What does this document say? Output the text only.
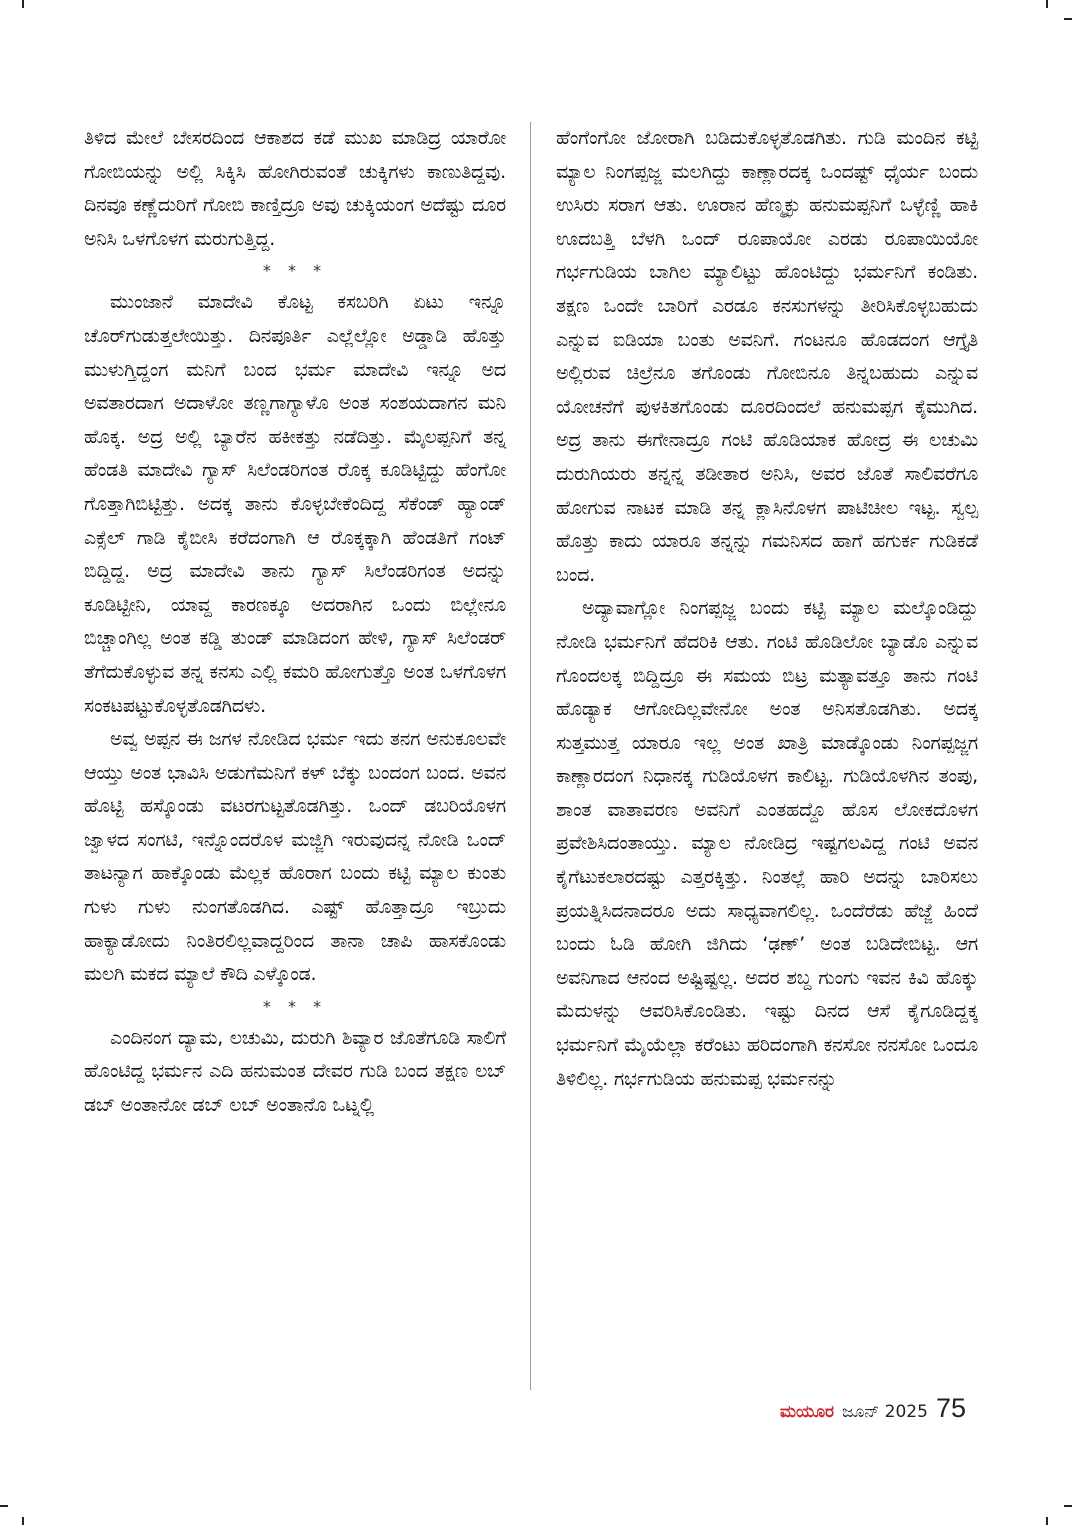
ತಿಳಿದ ಮೇಲೆ ಬೇಸರದಿಂದ ಆಕಾಶದ ಕಡೆ ಮುಖ ಮಾಡಿದ್ರ ಯಾರೋ ಗೋಬಿಯನ್ನು ಅಲ್ಲಿ ಸಿಕ್ಕಿಸಿ ಹೋಗಿರುವಂತೆ ಚುಕ್ಕಿಗಳು ಕಾಣುತಿದ್ದವು. ದಿನವೂ ಕಣ್ಣೆದುರಿಗೆ ಗೋಬಿ ಕಾಣ್ತಿದ್ರೂ ಅವು ಚುಕ್ಕಿಯಂಗ ಅದೆಷ್ಟು ದೂರ ಅನಿಸಿ ಒಳಗೊಳಗ ಮರುಗುತ್ತಿದ್ದ.

* * *

ಮುಂಜಾನೆ ಮಾದೇವಿ ಕೊಟ್ಟ ಕಸಬರಿಗಿ ಏಟು ಇನ್ನೂ ಚೊರ್‌ಗುಡುತ್ತಲೇಯಿತ್ತು. ದಿನಪೂರ್ತಿ ಎಲ್ಲೆಲ್ಲೋ ಅಡ್ಡಾಡಿ ಹೊತ್ತು ಮುಳುಗ್ತಿದ್ದಂಗ ಮನಿಗೆ ಬಂದ ಭರ್ಮ ಮಾದೇವಿ ಇನ್ನೂ ಅದ ಅವತಾರದಾಗ ಅದಾಳೋ ತಣ್ಣಗಾಗ್ಯಾಳೊ ಅಂತ ಸಂಶಯದಾಗನ ಮನಿ ಹೊಕ್ಕ. ಅದ್ರ ಅಲ್ಲಿ ಬ್ಯಾರೆನ ಹಕೀಕತ್ತು ನಡೆದಿತ್ತು. ಮೈಲಪ್ಪನಿಗೆ ತನ್ನ ಹೆಂಡತಿ ಮಾದೇವಿ ಗ್ಯಾಸ್ ಸಿಲೆಂಡರಿಗಂತ ರೊಕ್ಕ ಕೂಡಿಟ್ಟಿದ್ದು ಹೆಂಗೋ ಗೊತ್ತಾಗಿಬಿಟ್ಟಿತ್ತು. ಅದಕ್ಕ ತಾನು ಕೊಳ್ಳಬೇಕೆಂದಿದ್ದ ಸೆಕೆಂಡ್ ಹ್ಯಾಂಡ್ ಎಕ್ಸೆಲ್ ಗಾಡಿ ಕೈಬೀಸಿ ಕರೆದಂಗಾಗಿ ಆ ರೊಕ್ಕಕ್ಕಾಗಿ ಹೆಂಡತಿಗೆ ಗಂಟ್ ಬಿದ್ದಿದ್ದ. ಅದ್ರ ಮಾದೇವಿ ತಾನು ಗ್ಯಾಸ್ ಸಿಲೆಂಡರಿಗಂತ ಅದನ್ನು ಕೂಡಿಟ್ಟೀನಿ, ಯಾವ್ದ ಕಾರಣಕ್ಕೂ ಅದರಾಗಿನ ಒಂದು ಬಿಲ್ಲೇನೂ ಬಿಚ್ಚಾಂಗಿಲ್ಲ ಅಂತ ಕಡ್ಡಿ ತುಂಡ್ ಮಾಡಿದಂಗ ಹೇಳಿ, ಗ್ಯಾಸ್ ಸಿಲೆಂಡರ್ ತೆಗೆದುಕೊಳ್ಳುವ ತನ್ನ ಕನಸು ಎಲ್ಲಿ ಕಮರಿ ಹೋಗುತ್ತೊ ಅಂತ ಒಳಗೊಳಗ ಸಂಕಟಪಟ್ಟುಕೊಳ್ಳತೊಡಗಿದಳು.

ಅವ್ವ ಅಪ್ಪನ ಈ ಜಗಳ ನೋಡಿದ ಭರ್ಮ ಇದು ತನಗ ಅನುಕೂಲವೇ ಆಯ್ತು ಅಂತ ಭಾವಿಸಿ ಅಡುಗೆಮನಿಗೆ ಕಳ್ ಬೆಕ್ಕು ಬಂದಂಗ ಬಂದ. ಅವನ ಹೊಟ್ಟಿ ಹಸ್ಕೊಂಡು ವಟರಗುಟ್ಟತೊಡಗಿತ್ತು. ಒಂದ್ ಡಬರಿಯೊಳಗ ಜ್ವಾಳದ ಸಂಗಟಿ, ಇನ್ನೊಂದರೊಳ ಮಜ್ಜಿಗಿ ಇರುವುದನ್ನ ನೋಡಿ ಒಂದ್ ತಾಟನ್ಯಾಗ ಹಾಕ್ಕೊಂಡು ಮೆಲ್ಲಕ ಹೊರಾಗ ಬಂದು ಕಟ್ಟಿ ಮ್ಯಾಲ ಕುಂತು ಗುಳು ಗುಳು ನುಂಗತೊಡಗಿದ. ಎಷ್ಟ್ ಹೊತ್ತಾದ್ರೂ ಇಬ್ರುದು ಹಾಕ್ಯಾಡೋದು ನಿಂತಿರಲಿಲ್ಲವಾದ್ದರಿಂದ ತಾನಾ ಚಾಪಿ ಹಾಸಕೊಂಡು ಮಲಗಿ ಮಕದ ಮ್ಯಾಲೆ ಕೌದಿ ಎಳ್ಕೊಂಡ.

* * *

ಎಂದಿನಂಗ ದ್ಯಾಮ, ಲಚುಮಿ, ದುರುಗಿ ಶಿವ್ಯಾರ ಜೊತೆಗೂಡಿ ಸಾಲಿಗೆ ಹೊಂಟಿದ್ದ ಭರ್ಮನ ಎದಿ ಹನುಮಂತ ದೇವರ ಗುಡಿ ಬಂದ ತಕ್ಷಣ ಲಬ್ ಡಬ್ ಅಂತಾನೋ ಡಬ್ ಲಬ್ ಅಂತಾನೊ ಒಟ್ನಲ್ಲಿ

ಹೆಂಗೆಂಗೋ ಜೋರಾಗಿ ಬಡಿದುಕೊಳ್ಳತೊಡಗಿತು. ಗುಡಿ ಮಂದಿನ ಕಟ್ಟಿ ಮ್ಯಾಲ ನಿಂಗಪ್ಪಜ್ಜ ಮಲಗಿದ್ದು ಕಾಣ್ಲಾರದಕ್ಕ ಒಂದಷ್ಟ್ ಧೈರ್ಯ ಬಂದು ಉಸಿರು ಸರಾಗ ಆತು. ಊರಾನ ಹೆಣ್ಮಕ್ಳು ಹನುಮಪ್ಪನಿಗೆ ಒಳ್ಳೆಣ್ಣಿ ಹಾಕಿ ಊದಬತ್ತಿ ಬೆಳಗಿ ಒಂದ್ ರೂಪಾಯೋ ಎರಡು ರೂಪಾಯಿಯೋ ಗರ್ಭಗುಡಿಯ ಬಾಗಿಲ ಮ್ಯಾಲಿಟ್ಟು ಹೊಂಟಿದ್ದು ಭರ್ಮನಿಗೆ ಕಂಡಿತು. ತಕ್ಷಣ ಒಂದೇ ಬಾರಿಗೆ ಎರಡೂ ಕನಸುಗಳನ್ನು ತೀರಿಸಿಕೊಳ್ಳಬಹುದು ಎನ್ನುವ ಐಡಿಯಾ ಬಂತು ಅವನಿಗೆ. ಗಂಟನೂ ಹೊಡದಂಗ ಆಗ್ತೈತಿ ಅಲ್ಲಿರುವ ಚಿಲ್ರೆನೂ ತಗೊಂಡು ಗೋಬಿನೂ ತಿನ್ನಬಹುದು ಎನ್ನುವ ಯೋಚನೆಗೆ ಪುಳಕಿತಗೊಂಡು ದೂರದಿಂದಲೆ ಹನುಮಪ್ಪಗ ಕೈಮುಗಿದ. ಅದ್ರ ತಾನು ಈಗೇನಾದ್ರೂ ಗಂಟಿ ಹೊಡಿಯಾಕ ಹೋದ್ರ ಈ ಲಚುಮಿ ದುರುಗಿಯರು ತನ್ನನ್ನ ತಡೀತಾರ ಅನಿಸಿ, ಅವರ ಜೊತೆ ಸಾಲಿವರೆಗೂ ಹೋಗುವ ನಾಟಕ ಮಾಡಿ ತನ್ನ ಕ್ಲಾಸಿನೊಳಗ ಪಾಟಿಚೀಲ ಇಟ್ಟ. ಸ್ವಲ್ಪ ಹೊತ್ತು ಕಾದು ಯಾರೂ ತನ್ನನ್ನು ಗಮನಿಸದ ಹಾಗೆ ಹಗುರ್ಕ ಗುಡಿಕಡೆ ಬಂದ.

ಅದ್ಯಾವಾಗ್ಲೋ ನಿಂಗಪ್ಪಜ್ಜ ಬಂದು ಕಟ್ಟಿ ಮ್ಯಾಲ ಮಲ್ಕೊಂಡಿದ್ದು ನೋಡಿ ಭರ್ಮನಿಗೆ ಹೆದರಿಕಿ ಆತು. ಗಂಟಿ ಹೊಡಿಲೋ ಬ್ಯಾಡೊ ಎನ್ನುವ ಗೊಂದಲಕ್ಕ ಬಿದ್ದಿದ್ರೂ ಈ ಸಮಯ ಬಿಟ್ರ ಮತ್ಯಾವತ್ತೂ ತಾನು ಗಂಟಿ ಹೊಡ್ಯಾಕ ಆಗೋದಿಲ್ಲವೇನೋ ಅಂತ ಅನಿಸತೊಡಗಿತು. ಅದಕ್ಕ ಸುತ್ತಮುತ್ತ ಯಾರೂ ಇಲ್ಲ ಅಂತ ಖಾತ್ರಿ ಮಾಡ್ಕೊಂಡು ನಿಂಗಪ್ಪಜ್ಜಗ ಕಾಣ್ಲಾರದಂಗ ನಿಧಾನಕ್ಕ ಗುಡಿಯೊಳಗ ಕಾಲಿಟ್ಟ. ಗುಡಿಯೊಳಗಿನ ತಂಪು, ಶಾಂತ ವಾತಾವರಣ ಅವನಿಗೆ ಎಂತಹದ್ದೊ ಹೊಸ ಲೋಕದೊಳಗ ಪ್ರವೇಶಿಸಿದಂತಾಯ್ತು. ಮ್ಯಾಲ ನೋಡಿದ್ರ ಇಷ್ಟಗಲವಿದ್ದ ಗಂಟಿ ಅವನ ಕೈಗೆಟುಕಲಾರದಷ್ಟು ಎತ್ತರಕ್ಕಿತ್ತು. ನಿಂತಲ್ಲೆ ಹಾರಿ ಅದನ್ನು ಬಾರಿಸಲು ಪ್ರಯತ್ನಿಸಿದನಾದರೂ ಅದು ಸಾಧ್ಯವಾಗಲಿಲ್ಲ. ಒಂದೆರೆಡು ಹೆಜ್ಜೆ ಹಿಂದೆ ಬಂದು ಓಡಿ ಹೋಗಿ ಜಿಗಿದು ‘ಢಣ್’ ಅಂತ ಬಡಿದೇಬಿಟ್ಟ. ಆಗ ಅವನಿಗಾದ ಆನಂದ ಅಷ್ಟಿಷ್ಟಲ್ಲ. ಅದರ ಶಬ್ದ ಗುಂಗು ಇವನ ಕಿವಿ ಹೊಕ್ಕು ಮೆದುಳನ್ನು ಆವರಿಸಿಕೊಂಡಿತು. ಇಷ್ಟು ದಿನದ ಆಸೆ ಕೈಗೂಡಿದ್ದಕ್ಕ ಭರ್ಮನಿಗೆ ಮೈಯೆಲ್ಲಾ ಕರೆಂಟು ಹರಿದಂಗಾಗಿ ಕನಸೋ ನನಸೋ ಒಂದೂ ತಿಳಿಲಿಲ್ಲ. ಗರ್ಭಗುಡಿಯ ಹನುಮಪ್ಪ ಭರ್ಮನನ್ನು

ಮಯೂರ ಜೂನ್ 2025 75
